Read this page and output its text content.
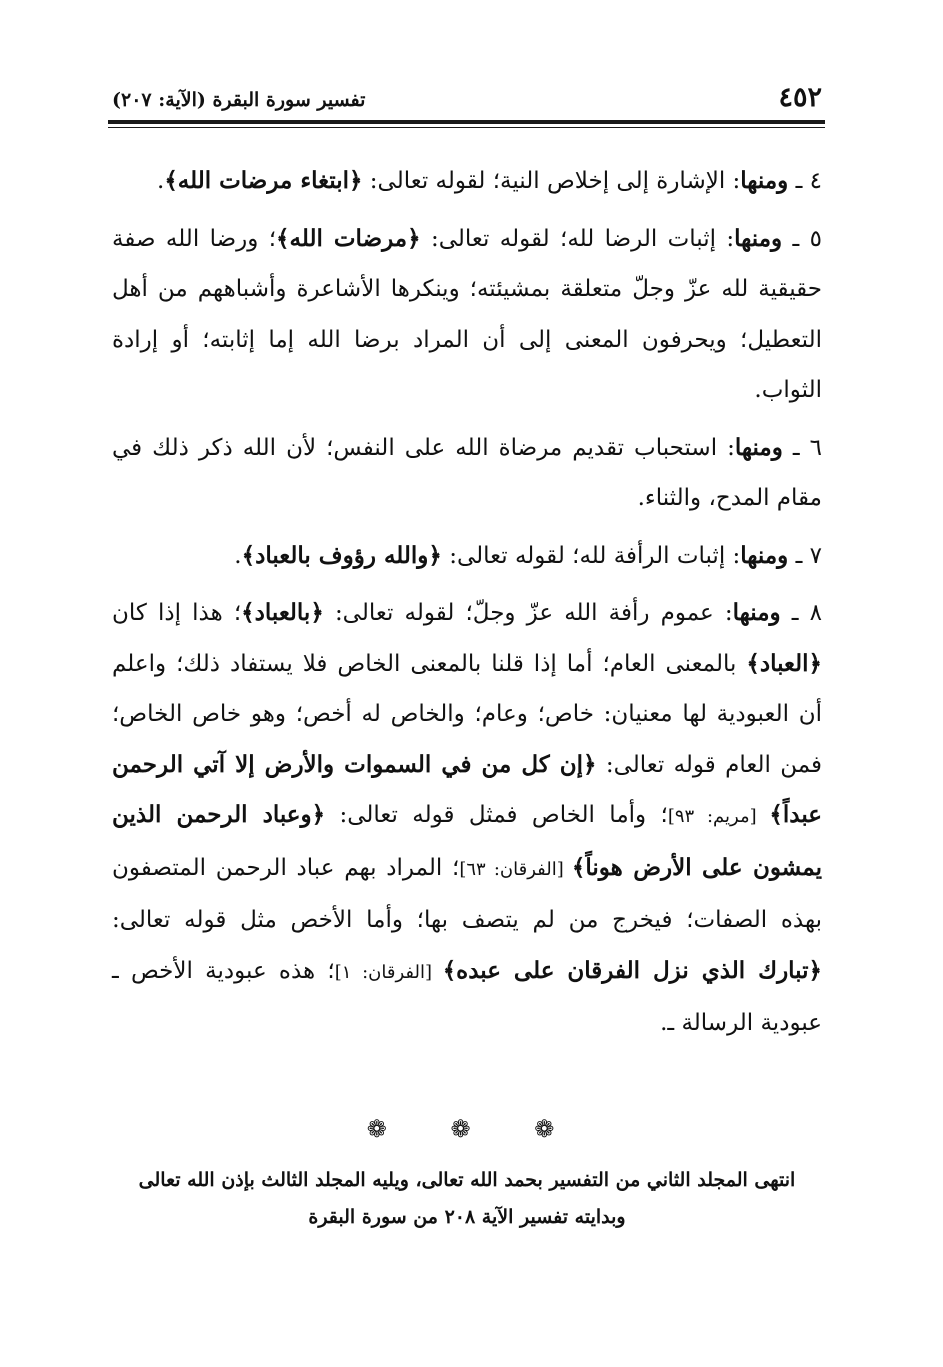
٤٥٢
تفسير سورة البقرة (الآية: ٢٠٧)

٤ ـ ومنها: الإشارة إلى إخلاص النية؛ لقوله تعالى: ﴿ابتغاء مرضات الله﴾.

٥ ـ ومنها: إثبات الرضا لله؛ لقوله تعالى: ﴿مرضات الله﴾؛ ورضا الله صفة حقيقية لله عزّ وجلّ متعلقة بمشيئته؛ وينكرها الأشاعرة وأشباههم من أهل التعطيل؛ ويحرفون المعنى إلى أن المراد برضا الله إما إثابته؛ أو إرادة الثواب.

٦ ـ ومنها: استحباب تقديم مرضاة الله على النفس؛ لأن الله ذكر ذلك في مقام المدح، والثناء.

٧ ـ ومنها: إثبات الرأفة لله؛ لقوله تعالى: ﴿والله رؤوف بالعباد﴾.

٨ ـ ومنها: عموم رأفة الله عزّ وجلّ؛ لقوله تعالى: ﴿بالعباد﴾؛ هذا إذا كان ﴿العباد﴾ بالمعنى العام؛ أما إذا قلنا بالمعنى الخاص فلا يستفاد ذلك؛ واعلم أن العبودية لها معنيان: خاص؛ وعام؛ والخاص له أخص؛ وهو خاص الخاص؛ فمن العام قوله تعالى: ﴿إن كل من في السموات والأرض إلا آتي الرحمن عبداً﴾ [مريم: ٩٣]؛ وأما الخاص فمثل قوله تعالى: ﴿وعباد الرحمن الذين يمشون على الأرض هوناً﴾ [الفرقان: ٦٣]؛ المراد بهم عباد الرحمن المتصفون بهذه الصفات؛ فيخرج من لم يتصف بها؛ وأما الأخص مثل قوله تعالى: ﴿تبارك الذي نزل الفرقان على عبده﴾ [الفرقان: ١]؛ هذه عبودية الأخص ـ عبودية الرسالة ـ.

❁ ❁ ❁
انتهى المجلد الثاني من التفسير بحمد الله تعالى، ويليه المجلد الثالث بإذن الله تعالى
وبدايته تفسير الآية ٢٠٨ من سورة البقرة
